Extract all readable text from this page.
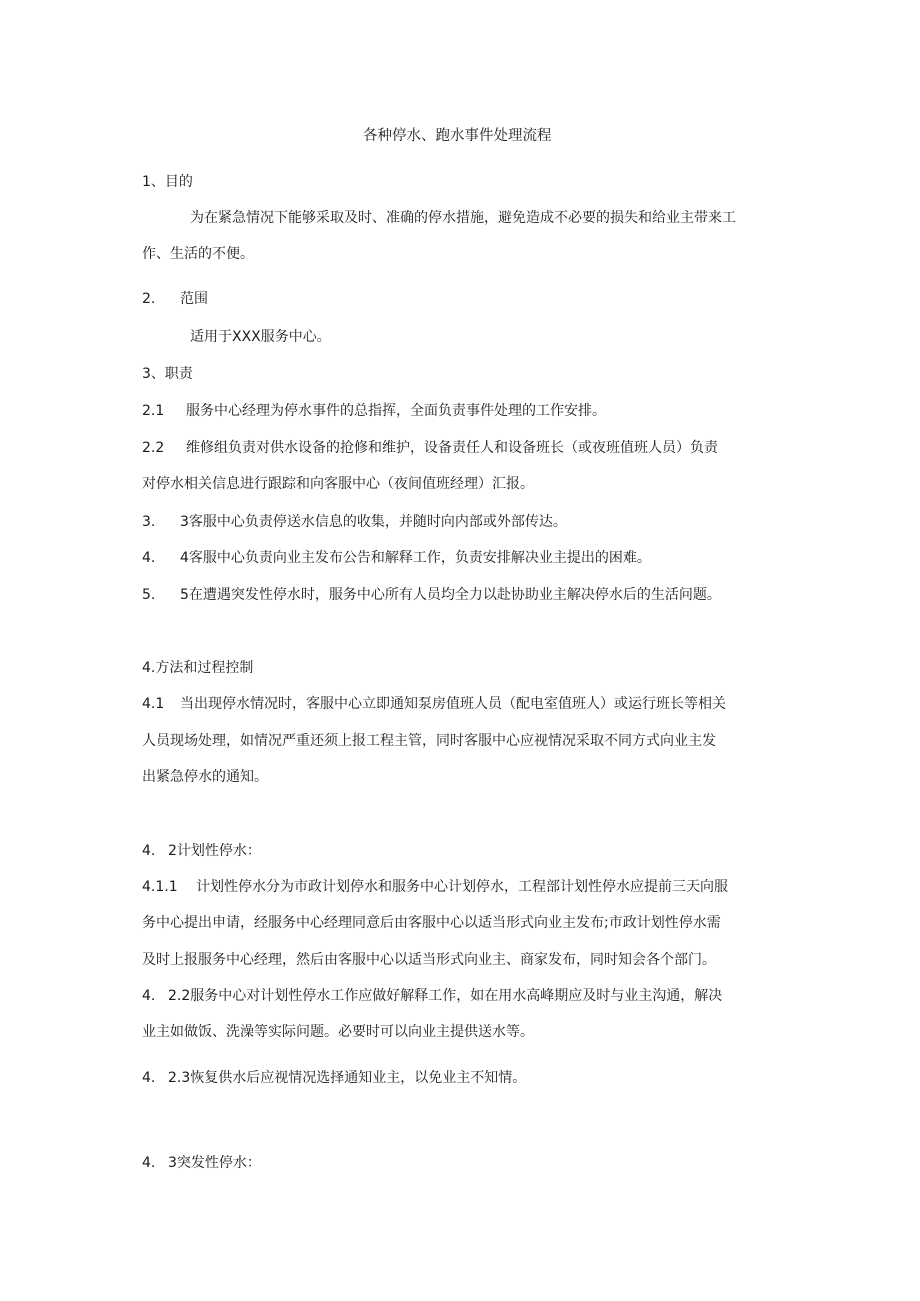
各种停水、跑水事件处理流程
1、目的
为在紧急情况下能够采取及时、准确的停水措施，避免造成不必要的损失和给业主带来工
作、生活的不便。
2. 范围
适用于XXX服务中心。
3、职责
2.1 服务中心经理为停水事件的总指挥，全面负责事件处理的工作安排。
2.2 维修组负责对供水设备的抢修和维护，设备责任人和设备班长（或夜班值班人员）负责
对停水相关信息进行跟踪和向客服中心（夜间值班经理）汇报。
3. 3客服中心负责停送水信息的收集，并随时向内部或外部传达。
4. 4客服中心负责向业主发布公告和解释工作，负责安排解决业主提出的困难。
5. 5在遭遇突发性停水时，服务中心所有人员均全力以赴协助业主解决停水后的生活问题。
4.方法和过程控制
4.1 当出现停水情况时，客服中心立即通知泵房值班人员（配电室值班人）或运行班长等相关
人员现场处理，如情况严重还须上报工程主管，同时客服中心应视情况采取不同方式向业主发
出紧急停水的通知。
4. 2计划性停水：
4.1.1 计划性停水分为市政计划停水和服务中心计划停水，工程部计划性停水应提前三天向服
务中心提出申请，经服务中心经理同意后由客服中心以适当形式向业主发布;市政计划性停水需
及时上报服务中心经理，然后由客服中心以适当形式向业主、商家发布，同时知会各个部门。
4. 2.2服务中心对计划性停水工作应做好解释工作，如在用水高峰期应及时与业主沟通，解决
业主如做饭、洗澡等实际问题。必要时可以向业主提供送水等。
4. 2.3恢复供水后应视情况选择通知业主，以免业主不知情。
4. 3突发性停水：
